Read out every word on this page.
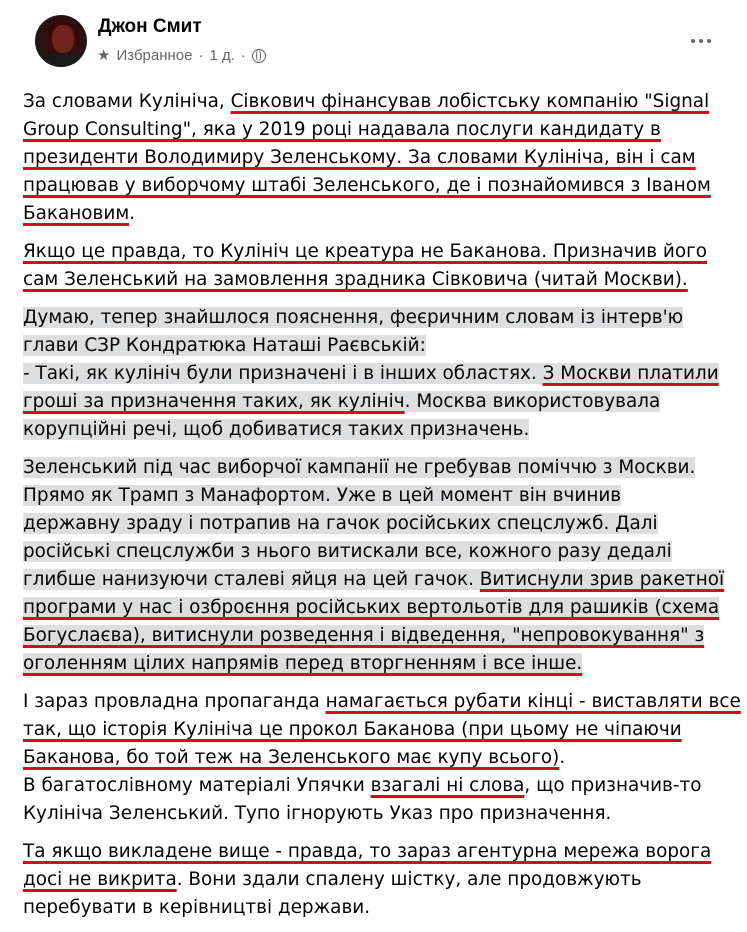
Джон Смит
★ Избранное · 1 д. ·

За словами Кулініча, Сівкович фінансував лобістську компанію "Signal
Group Consulting", яка у 2019 році надавала послуги кандидату в
президенти Володимиру Зеленському. За словами Кулініча, він і сам
працював у виборчому штабі Зеленського, де і познайомився з Іваном
Бакановим.

Якщо це правда, то Кулініч це креатура не Баканова. Призначив його
сам Зеленський на замовлення зрадника Сівковича (читай Москви).

Думаю, тепер знайшлося пояснення, феєричним словам із інтерв'ю
глави СЗР Кондратюка Наташі Раєвській:
- Такі, як кулініч були призначені і в інших областях. З Москви платили
гроші за призначення таких, як кулініч. Москва використовувала
корупційні речі, щоб добиватися таких призначень.

Зеленський під час виборчої кампанії не гребував поміччю з Москви.
Прямо як Трамп з Манафортом. Уже в цей момент він вчинив
державну зраду і потрапив на гачок російських спецслужб. Далі
російські спецслужби з нього витискали все, кожного разу дедалі
глибше нанизуючи сталеві яйця на цей гачок. Витиснули зрив ракетної
програми у нас і озброєння російських вертольотів для рашиків (схема
Богуслаєва), витиснули розведення і відведення, "непровокування" з
оголенням цілих напрямів перед вторгненням і все інше.

І зараз провладна пропаганда намагається рубати кінці - виставляти все
так, що історія Кулініча це прокол Баканова (при цьому не чіпаючи
Баканова, бо той теж на Зеленського має купу всього).
В багатослівному матеріалі Упячки взагалі ні слова, що призначив-то
Кулініча Зеленський. Тупо ігнорують Указ про призначення.

Та якщо викладене вище - правда, то зараз агентурна мережа ворога
досі не викрита. Вони здали спалену шістку, але продовжують
перебувати в керівництві держави.
